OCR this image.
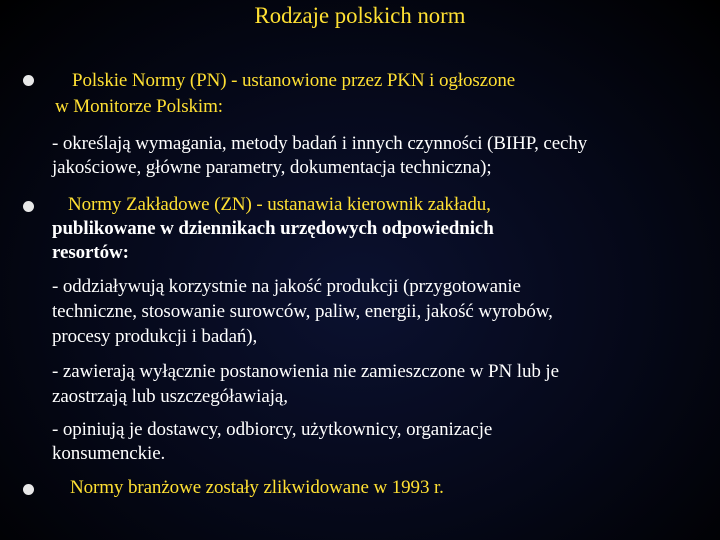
Rodzaje polskich norm
Polskie Normy (PN) - ustanowione przez PKN i ogłoszone
w Monitorze Polskim:
- określają wymagania, metody badań i innych czynności (BIHP, cechy
jakościowe, główne parametry, dokumentacja techniczna);
Normy Zakładowe (ZN) - ustanawia kierownik zakładu,
publikowane w dziennikach urzędowych odpowiednich
resortów:
- oddziaływują korzystnie na jakość produkcji (przygotowanie
techniczne, stosowanie surowców, paliw, energii, jakość wyrobów,
procesy produkcji i badań),
- zawierają wyłącznie postanowienia nie zamieszczone w PN lub je
zaostrzają lub uszczegóławiają,
- opiniują je dostawcy, odbiorcy, użytkownicy, organizacje
konsumenckie.
Normy branżowe zostały zlikwidowane w 1993 r.
